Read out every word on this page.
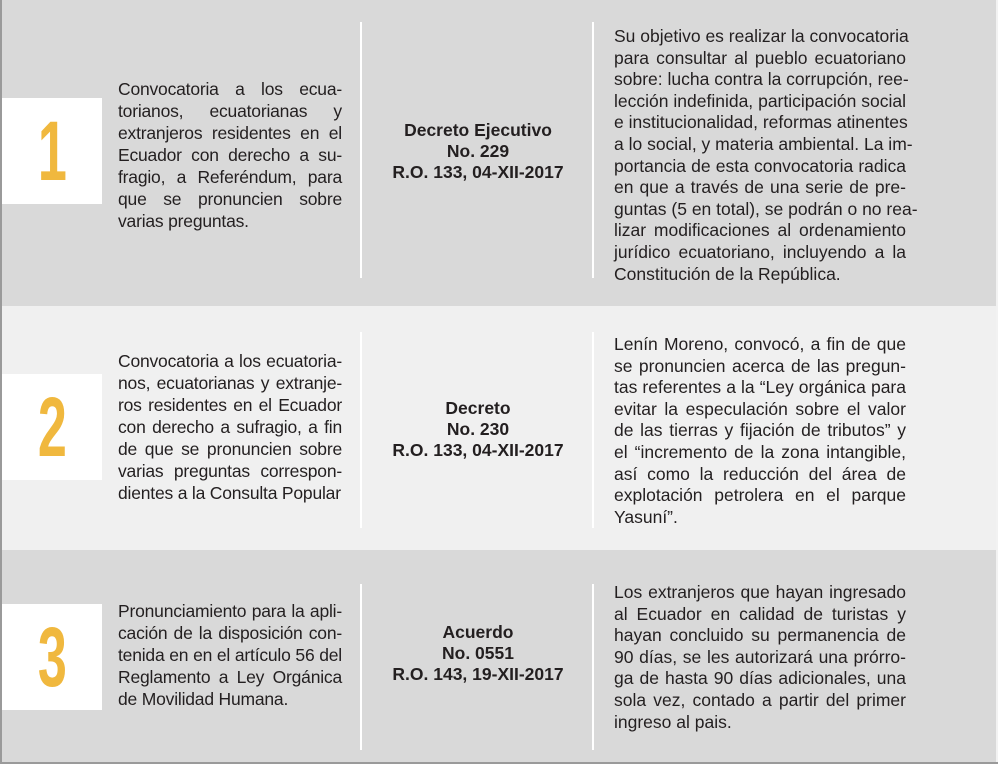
1
Convocatoria a los ecua-
torianos, ecuatorianas y
extranjeros residentes en el
Ecuador con derecho a su-
fragio, a Referéndum, para
que se pronuncien sobre
varias preguntas.
Decreto Ejecutivo
No. 229
R.O. 133, 04-XII-2017
Su objetivo es realizar la convocatoria
para consultar al pueblo ecuatoriano
sobre: lucha contra la corrupción, ree-
lección indefinida, participación social
e institucionalidad, reformas atinentes
a lo social, y materia ambiental. La im-
portancia de esta convocatoria radica
en que a través de una serie de pre-
guntas (5 en total), se podrán o no rea-
lizar modificaciones al ordenamiento
jurídico ecuatoriano, incluyendo a la
Constitución de la República.
2
Convocatoria a los ecuatoria-
nos, ecuatorianas y extranje-
ros residentes en el Ecuador
con derecho a sufragio, a fin
de que se pronuncien sobre
varias preguntas correspon-
dientes a la Consulta Popular
Decreto
No. 230
R.O. 133, 04-XII-2017
Lenín Moreno, convocó, a fin de que
se pronuncien acerca de las pregun-
tas referentes a la “Ley orgánica para
evitar la especulación sobre el valor
de las tierras y fijación de tributos” y
el “incremento de la zona intangible,
así como la reducción del área de
explotación petrolera en el parque
Yasuní”.
3	Pronunciamiento para la apli-
cación de la disposición con-
tenida en en el artículo 56 del
Reglamento a Ley Orgánica
de Movilidad Humana.
Acuerdo
No. 0551
R.O. 143, 19-XII-2017
Los extranjeros que hayan ingresado
al Ecuador en calidad de turistas y
hayan concluido su permanencia de
90 días, se les autorizará una prórro-
ga de hasta 90 días adicionales, una
sola vez, contado a partir del primer
ingreso al pais.
